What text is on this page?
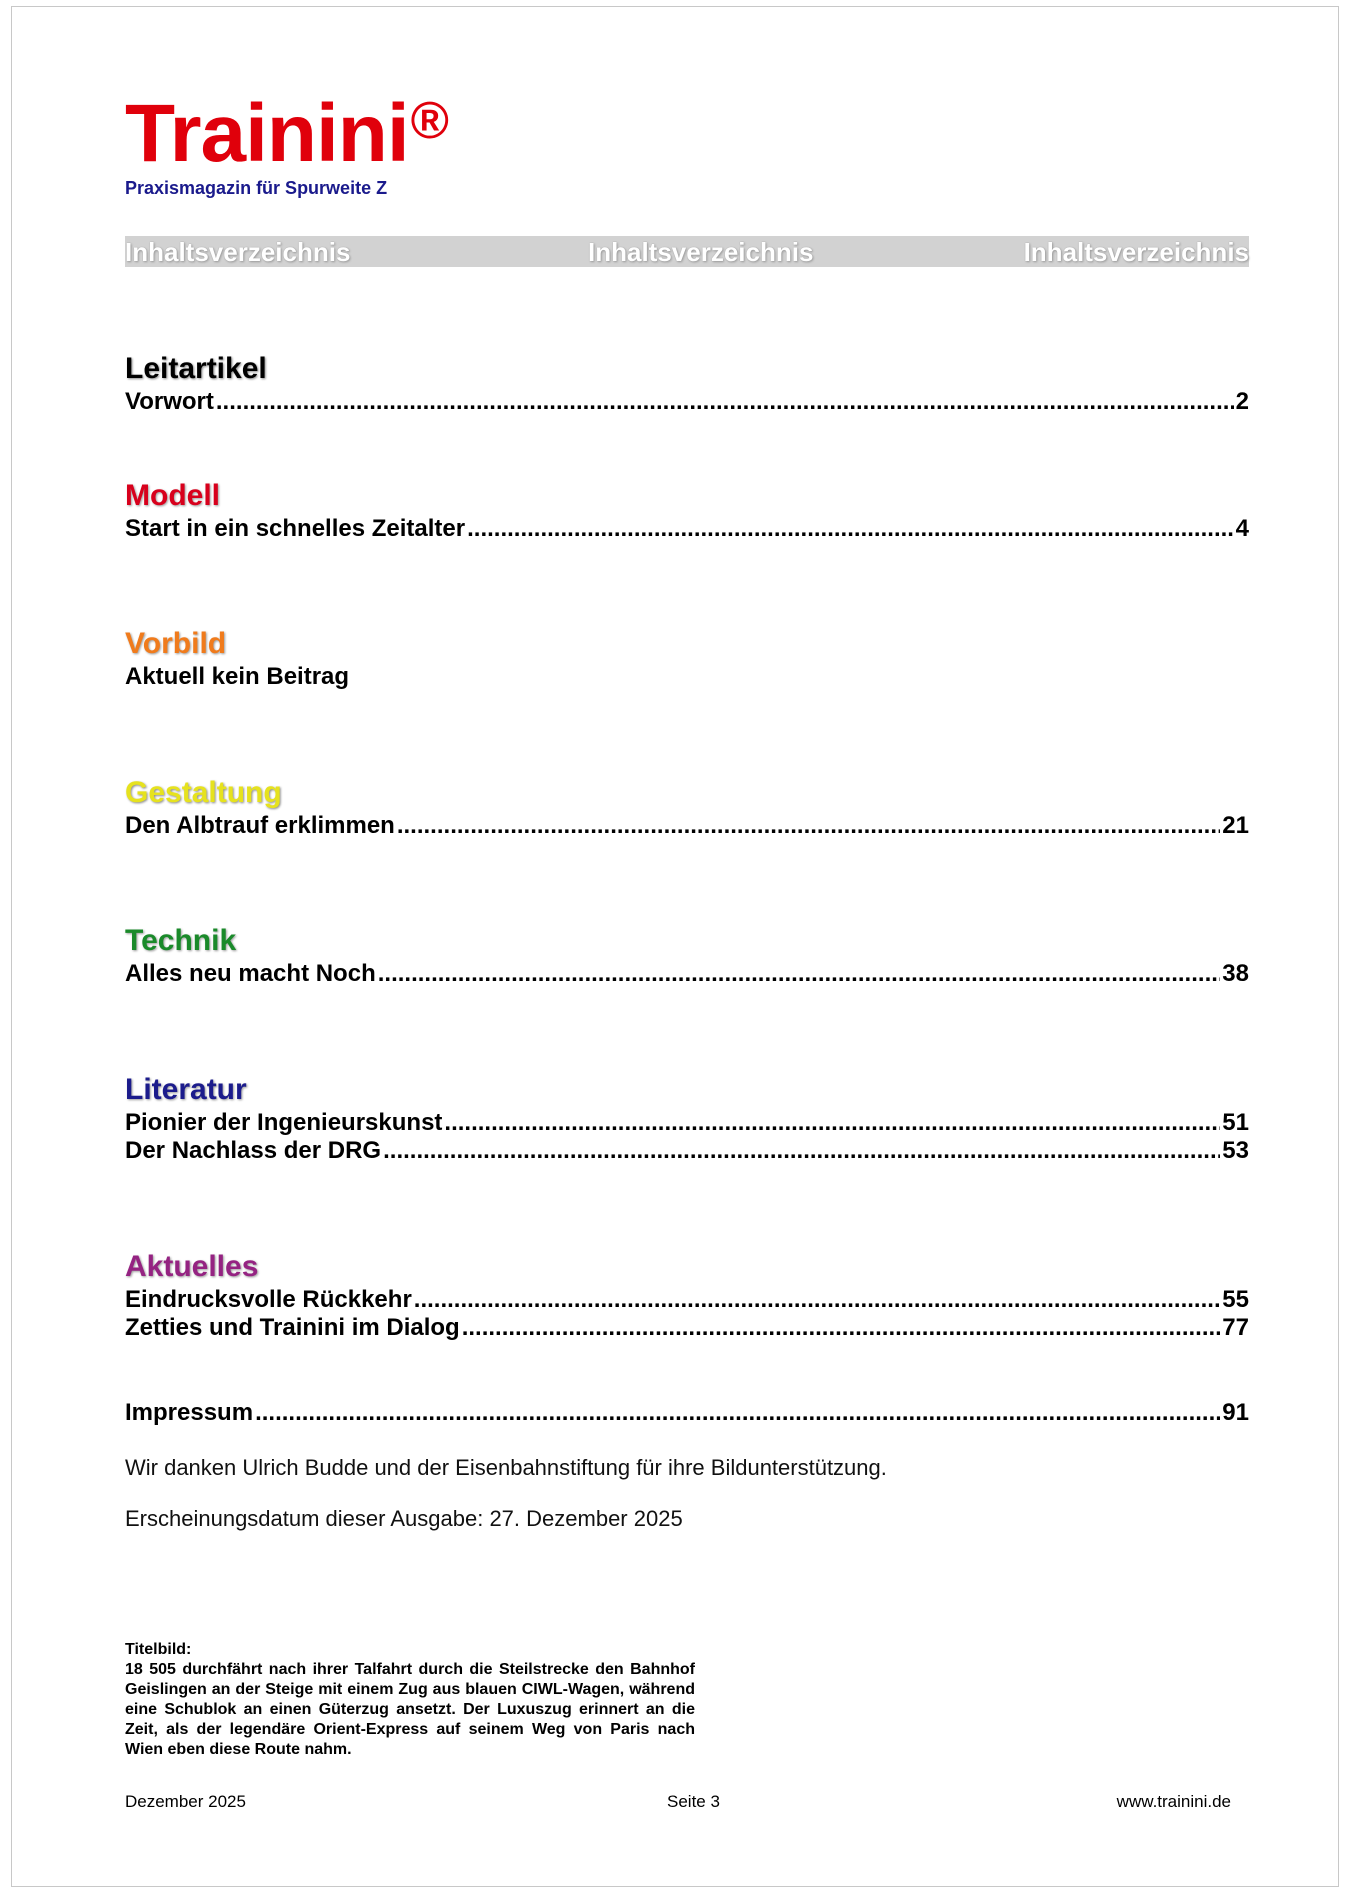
Trainini®
Praxismagazin für Spurweite Z
Inhaltsverzeichnis	Inhaltsverzeichnis	Inhaltsverzeichnis
Leitartikel
Vorwort .....	2
Modell
Start in ein schnelles Zeitalter .....	4
Vorbild
Aktuell kein Beitrag
Gestaltung
Den Albtrauf erklimmen .....	21
Technik
Alles neu macht Noch .....	38
Literatur
Pionier der Ingenieurskunst .....	51
Der Nachlass der DRG .....	53
Aktuelles
Eindrucksvolle Rückkehr .....	55
Zetties und Trainini im Dialog .....	77
Impressum .....	91
Wir danken Ulrich Budde und der Eisenbahnstiftung für ihre Bildunterstützung.
Erscheinungsdatum dieser Ausgabe: 27. Dezember 2025
Titelbild:
18 505 durchfährt nach ihrer Talfahrt durch die Steilstrecke den Bahnhof Geislingen an der Steige mit einem Zug aus blauen CIWL-Wagen, während eine Schublok an einen Güterzug ansetzt. Der Luxuszug erinnert an die Zeit, als der legendäre Orient-Express auf seinem Weg von Paris nach Wien eben diese Route nahm.
Dezember 2025	Seite 3	www.trainini.de
